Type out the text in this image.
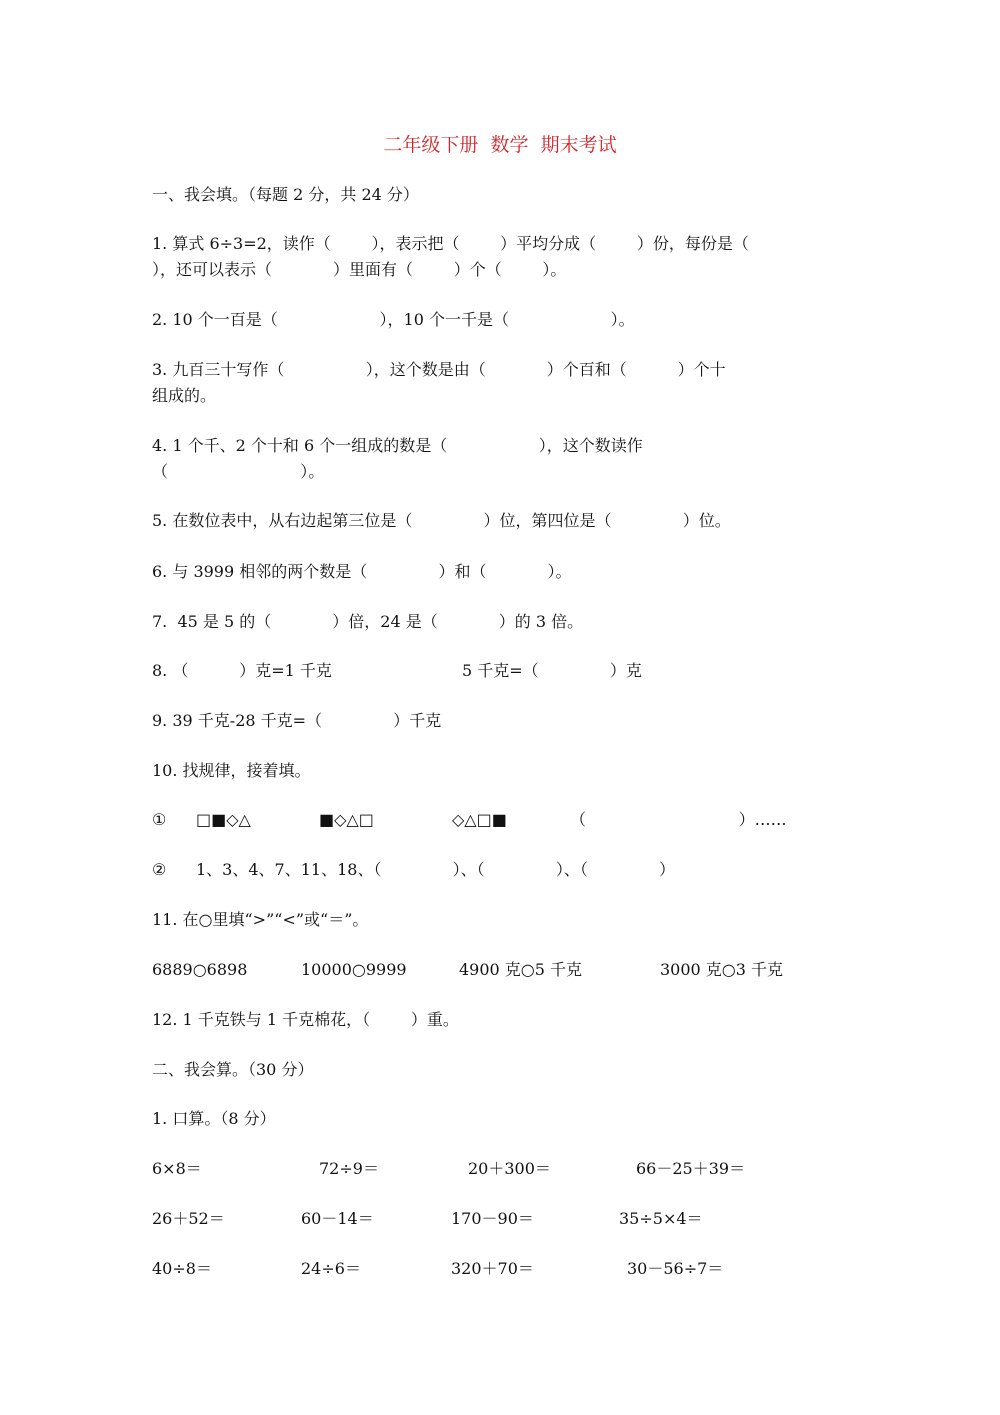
二年级下册  数学  期末考试
一、我会填。（每题 2 分，共 24 分）
1. 算式 6÷3=2，读作（        ），表示把（        ）平均分成（        ）份，每份是（
），还可以表示（            ）里面有（        ）个（        ）。
2. 10 个一百是（                    ），10 个一千是（                    ）。
3. 九百三十写作（                ），这个数是由（            ）个百和（          ）个十
组成的。
4. 1 个千、2 个十和 6 个一组成的数是（                  ），这个数读作
（                          ）。
5. 在数位表中，从右边起第三位是（              ）位，第四位是（              ）位。
6. 与 3999 相邻的两个数是（              ）和（            ）。
7.  45 是 5 的（            ）倍，24 是（            ）的 3 倍。

8. （          ）克=1 千克

	5 千克=（              ）克

9. 39 千克-28 千克=（              ）千克
10. 找规律，接着填。

①

□■◇△

	■◇△□

	◇△□■

	（                              ）……

②

1、3、4、7、11、18、（              ）、（              ）、（              ）

11. 在○里填“>”“<”或“＝”。

6889○6898

	10000○9999

	4900 克○5 千克

	3000 克○3 千克

12. 1 千克铁与 1 千克棉花，（        ）重。
二、我会算。（30 分）
1. 口算。（8 分）

6×8＝

	72÷9＝

	20＋300＝

	66－25＋39＝

26＋52＝

	60－14＝

	170－90＝

	35÷5×4＝

40÷8＝

	24÷6＝

	320＋70＝

	30－56÷7＝
